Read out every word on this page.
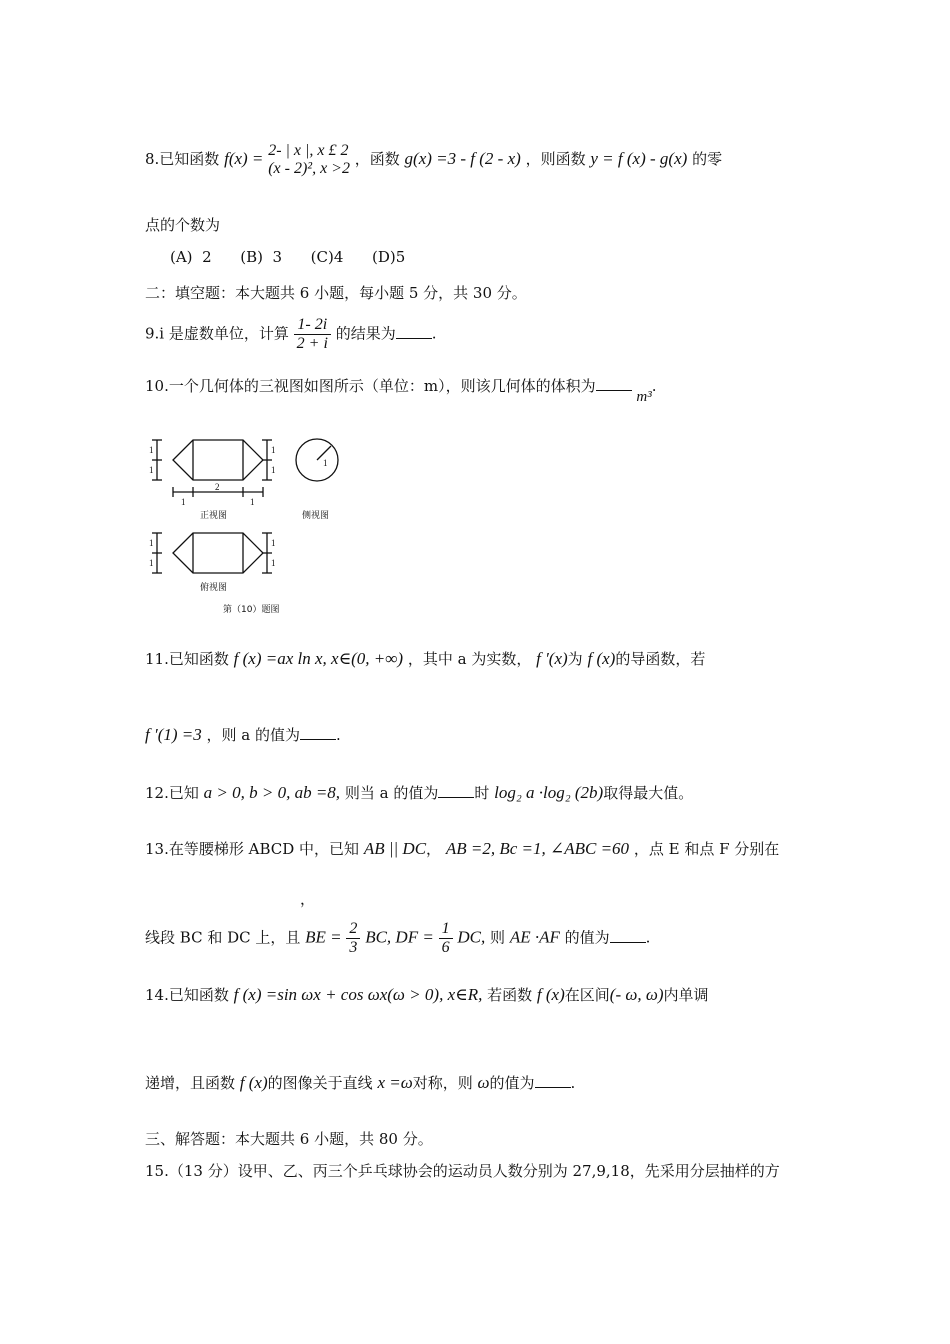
8.已知函数 f(x) = 2- | x |, x £ 2
(x - 2)², x >2
，函数 g(x) =3 - f (2 - x) ，则函数 y = f (x) - g(x) 的零
点的个数为
(A)  2      (B)  3      (C)4      (D)5
二：填空题：本大题共 6 小题，每小题 5 分，共 30 分。
9.i 是虚数单位，计算 $\frac{1- 2i}{2 + i}$ 的结果为 .
10.一个几何体的三视图如图所示（单位：m），则该几何体的体积为 m³.
1
1
1
1
1
2
1
1
1
1
1
1
正视图	侧视图
俯视图
第（10）题图
11.已知函数 f (x) =ax ln x, x∈(0, +∞) ，其中 a 为实数， f ′(x)为 f (x)的导函数，若
f ′(1) =3 ，则 a 的值为 .
12.已知 a > 0, b > 0, ab =8, 则当 a 的值为 时 log₂ a ·log₂ (2b)取得最大值。
13.在等腰梯形 ABCD 中，已知 AB || DC， AB =2, Bc =1, ∠ABC =60 ，点 E 和点 F 分别在
，
线段 BC 和 DC 上，且 BE = $\frac{2}{3}$ BC, DF = $\frac{1}{6}$ DC, 则 AE ·AF 的值为 .
14.已知函数 f (x) =sin ωx + cos ωx(ω > 0), x∈R, 若函数 f (x)在区间(- ω, ω)内单调
递增，且函数 f (x)的图像关于直线 x =ω对称，则 ω的值为 .
三、解答题：本大题共 6 小题，共 80 分。
15.（13 分）设甲、乙、丙三个乒乓球协会的运动员人数分别为 27,9,18，先采用分层抽样的方
